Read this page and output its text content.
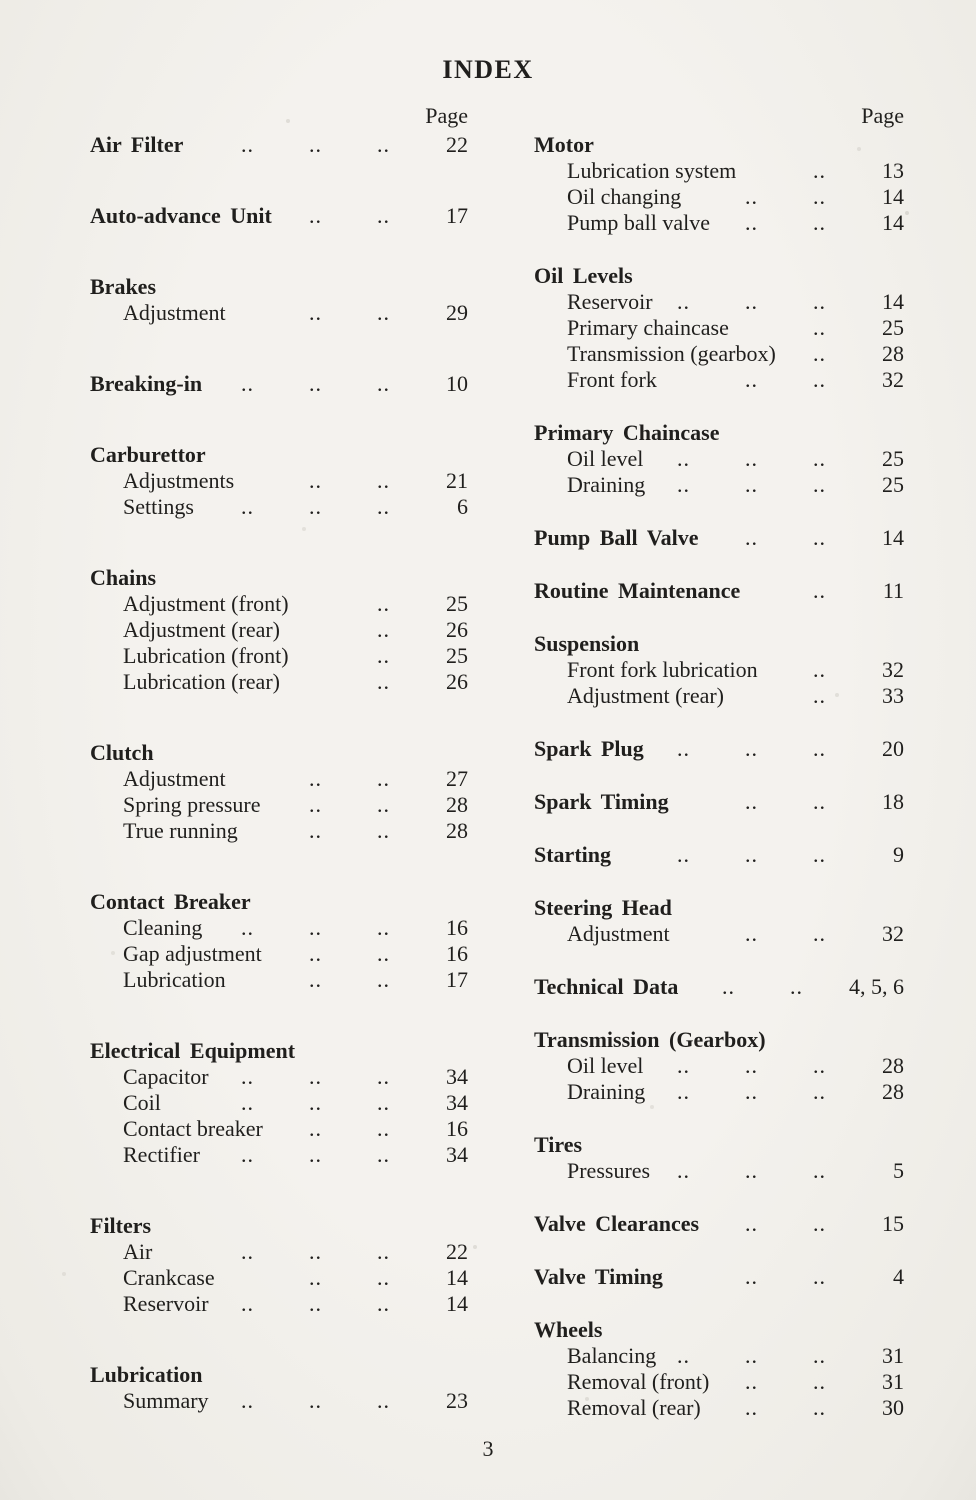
INDEX
Page
Air Filter	..	..	..	22
Auto-advance Unit ..	..	17
Brakes
Adjustment	..	..	29
Breaking-in ..	..	..	10
Carburettor
Adjustments	..	..	21
Settings ..	..	..	6
Chains
Adjustment (front)	..	25
Adjustment (rear)	..	26
Lubrication (front)	..	25
Lubrication (rear)	..	26
Clutch
Adjustment	..	..	27
Spring pressure ..	..	28
True running	..	..	28
Contact Breaker
Cleaning ..	..	..	16
Gap adjustment ..	..	16
Lubrication	..	..	17
Electrical Equipment
Capacitor ..	..	..	34
Coil	..	..	..	34
Contact breaker ..	..	16
Rectifier ..	..	..	34
Filters
Air	..	..	..	22
Crankcase	..	..	14
Reservoir ..	..	..	14
Lubrication
Summary ..	..	..	23
Page
Motor
Lubrication system	..	13
Oil changing	..	..	14
Pump ball valve ..	..	14
Oil Levels
Reservoir ..	..	..	14
Primary chaincase	..	25
Transmission (gearbox) ..	28
Front fork	..	..	32
Primary Chaincase
Oil level ..	..	..	25
Draining ..	..	..	25
Pump Ball Valve ..	..	14
Routine Maintenance	..	11
Suspension
Front fork lubrication	..	32
Adjustment (rear)	..	33
Spark Plug ..	..	..	20
Spark Timing	..	..	18
Starting	..	..	..	9
Steering Head
Adjustment	..	..	32
Technical Data ..	.. 4, 5, 6
Transmission (Gearbox)
Oil level ..	..	..	28
Draining ..	..	..	28
Tires
Pressures ..	..	..	5
Valve Clearances ..	..	15
Valve Timing	..	..	4
Wheels
Balancing ..	..	..	31
Removal (front) ..	..	31
Removal (rear) ..	..	30
3
